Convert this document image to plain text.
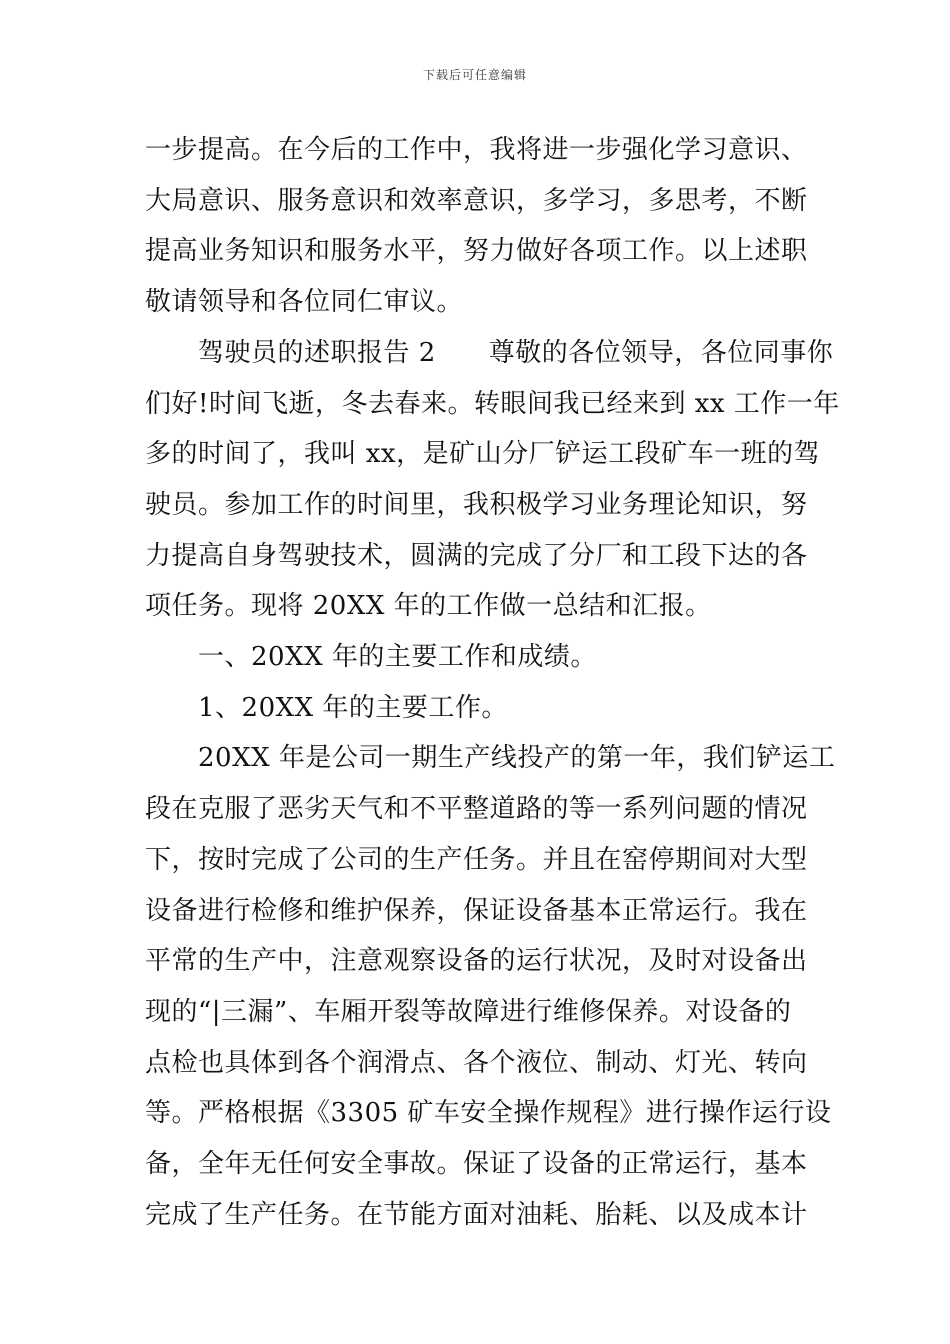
下载后可任意编辑
一步提高。在今后的工作中，我将进一步强化学习意识、
大局意识、服务意识和效率意识，多学习，多思考，不断
提高业务知识和服务水平，努力做好各项工作。以上述职
敬请领导和各位同仁审议。
　　驾驶员的述职报告 2　　尊敬的各位领导，各位同事你
们好!时间飞逝，冬去春来。转眼间我已经来到 xx 工作一年
多的时间了，我叫 xx，是矿山分厂铲运工段矿车一班的驾
驶员。参加工作的时间里，我积极学习业务理论知识，努
力提高自身驾驶技术，圆满的完成了分厂和工段下达的各
项任务。现将 20XX 年的工作做一总结和汇报。
　　一、20XX 年的主要工作和成绩。
　　1、20XX 年的主要工作。
　　20XX 年是公司一期生产线投产的第一年，我们铲运工
段在克服了恶劣天气和不平整道路的等一系列问题的情况
下，按时完成了公司的生产任务。并且在窑停期间对大型
设备进行检修和维护保养，保证设备基本正常运行。我在
平常的生产中，注意观察设备的运行状况，及时对设备出
现的“|三漏”、车厢开裂等故障进行维修保养。对设备的
点检也具体到各个润滑点、各个液位、制动、灯光、转向
等。严格根据《3305 矿车安全操作规程》进行操作运行设
备，全年无任何安全事故。保证了设备的正常运行，基本
完成了生产任务。在节能方面对油耗、胎耗、以及成本计
